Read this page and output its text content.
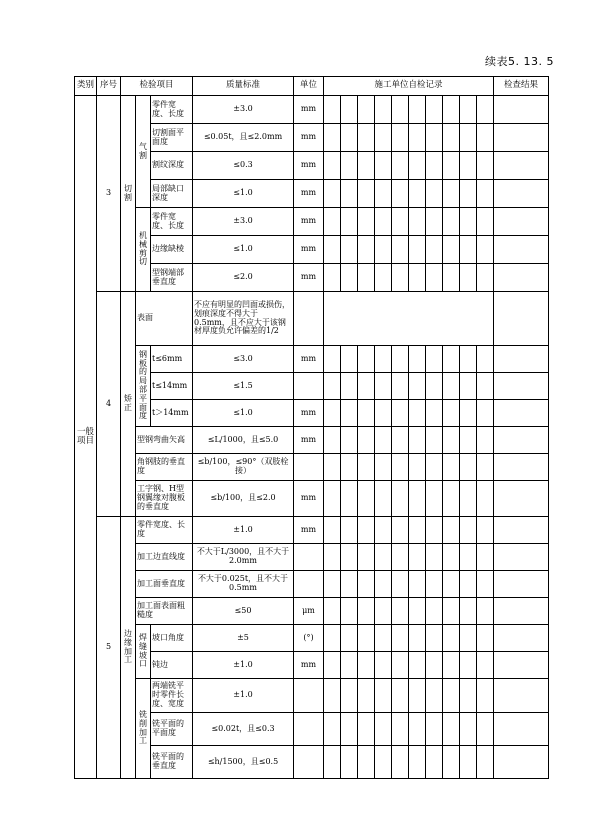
续表5. 13. 5
类别	序号	检验项目			质量标准	单位	施工单位自检记录										检查结果
一般项目	3	切割	气割	零件宽度、长度	±3.0	mm											
				切割面平面度	≤0.05t，且≤2.0mm	mm											
				割纹深度	≤0.3	mm											
				局部缺口深度	≤1.0	mm											
			机械剪切	零件宽度、长度	±3.0	mm											
				边缘缺棱	≤1.0	mm											
				型钢端部垂直度	≤2.0	mm											
	4	矫正	表面		不应有明显的凹面或损伤，划痕深度不得大于0.5mm，且不应大于该钢材厚度负允许偏差的1/2												
			钢板的局部平面度	t≤6mm	≤3.0	mm											
				t≤14mm	≤1.5												
				t＞14mm	≤1.0	mm											
			型钢弯曲矢高		≤L/1000，且≤5.0	mm											
			角钢肢的垂直度		≤b/100，≤90°（双肢栓接）												
			工字钢、H型钢翼缘对腹板的垂直度		≤b/100，且≤2.0	mm											
	5	边缘加工	零件宽度、长度		±1.0	mm											
			加工边直线度		不大于L/3000，且不大于2.0mm												
			加工面垂直度		不大于0.025t，且不大于0.5mm												
			加工面表面粗糙度		≤50	μm											
			焊缝坡口	坡口角度	±5	(°)											
				钝边	±1.0	mm											
			铣削加工	两端铣平时零件长度、宽度	±1.0												
				铣平面的平面度	≤0.02t，且≤0.3												
				铣平面的垂直度	≤h/1500，且≤0.5												
